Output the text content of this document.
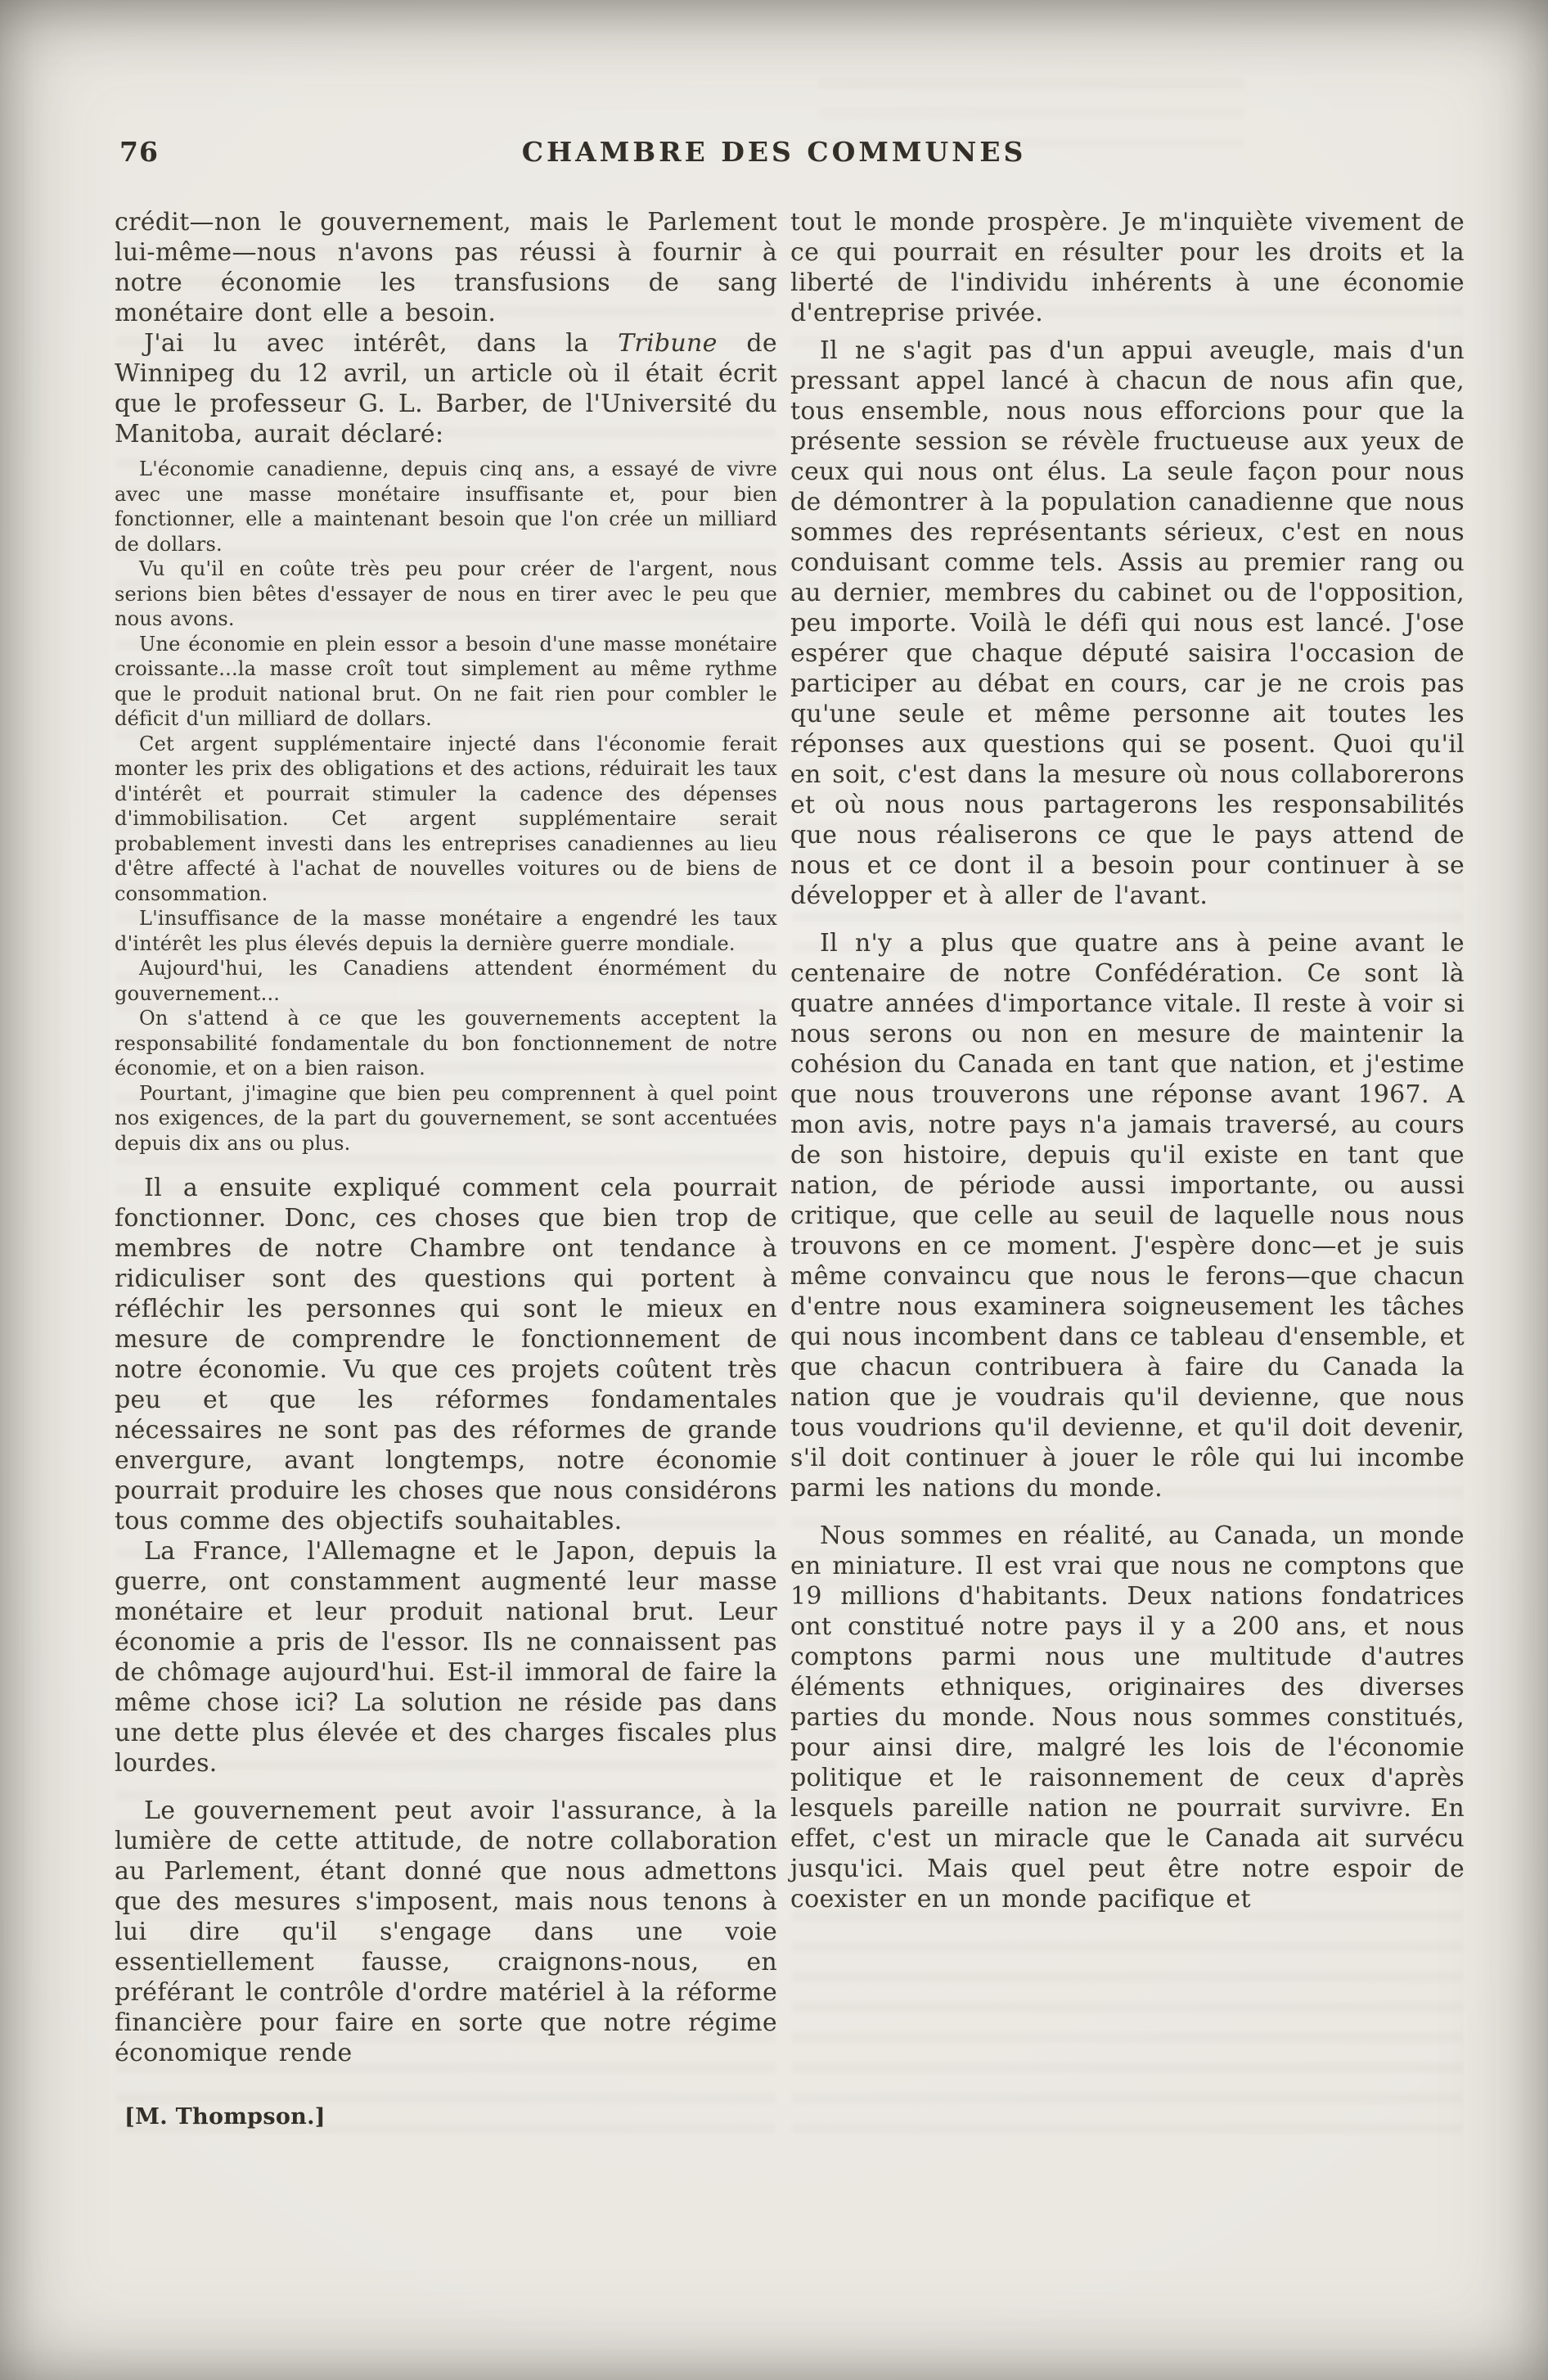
76	CHAMBRE DES COMMUNES

crédit—non le gouvernement, mais le Parlement lui-même—nous n'avons pas réussi à fournir à notre économie les transfusions de sang monétaire dont elle a besoin.

J'ai lu avec intérêt, dans la Tribune de Winnipeg du 12 avril, un article où il était écrit que le professeur G. L. Barber, de l'Université du Manitoba, aurait déclaré:

L'économie canadienne, depuis cinq ans, a essayé de vivre avec une masse monétaire insuffisante et, pour bien fonctionner, elle a maintenant besoin que l'on crée un milliard de dollars.

Vu qu'il en coûte très peu pour créer de l'argent, nous serions bien bêtes d'essayer de nous en tirer avec le peu que nous avons.

Une économie en plein essor a besoin d'une masse monétaire croissante...la masse croît tout simplement au même rythme que le produit national brut. On ne fait rien pour combler le déficit d'un milliard de dollars.

Cet argent supplémentaire injecté dans l'économie ferait monter les prix des obligations et des actions, réduirait les taux d'intérêt et pourrait stimuler la cadence des dépenses d'immobilisation. Cet argent supplémentaire serait probablement investi dans les entreprises canadiennes au lieu d'être affecté à l'achat de nouvelles voitures ou de biens de consommation.

L'insuffisance de la masse monétaire a engendré les taux d'intérêt les plus élevés depuis la dernière guerre mondiale.

Aujourd'hui, les Canadiens attendent énormément du gouvernement...

On s'attend à ce que les gouvernements acceptent la responsabilité fondamentale du bon fonctionnement de notre économie, et on a bien raison.

Pourtant, j'imagine que bien peu comprennent à quel point nos exigences, de la part du gouvernement, se sont accentuées depuis dix ans ou plus.

Il a ensuite expliqué comment cela pourrait fonctionner. Donc, ces choses que bien trop de membres de notre Chambre ont tendance à ridiculiser sont des questions qui portent à réfléchir les personnes qui sont le mieux en mesure de comprendre le fonctionnement de notre économie. Vu que ces projets coûtent très peu et que les réformes fondamentales nécessaires ne sont pas des réformes de grande envergure, avant longtemps, notre économie pourrait produire les choses que nous considérons tous comme des objectifs souhaitables.

La France, l'Allemagne et le Japon, depuis la guerre, ont constamment augmenté leur masse monétaire et leur produit national brut. Leur économie a pris de l'essor. Ils ne connaissent pas de chômage aujourd'hui. Est-il immoral de faire la même chose ici? La solution ne réside pas dans une dette plus élevée et des charges fiscales plus lourdes.

Le gouvernement peut avoir l'assurance, à la lumière de cette attitude, de notre collaboration au Parlement, étant donné que nous admettons que des mesures s'imposent, mais nous tenons à lui dire qu'il s'engage dans une voie essentiellement fausse, craignons-nous, en préférant le contrôle d'ordre matériel à la réforme financière pour faire en sorte que notre régime économique rende

[M. Thompson.]

tout le monde prospère. Je m'inquiète vivement de ce qui pourrait en résulter pour les droits et la liberté de l'individu inhérents à une économie d'entreprise privée.

Il ne s'agit pas d'un appui aveugle, mais d'un pressant appel lancé à chacun de nous afin que, tous ensemble, nous nous efforcions pour que la présente session se révèle fructueuse aux yeux de ceux qui nous ont élus. La seule façon pour nous de démontrer à la population canadienne que nous sommes des représentants sérieux, c'est en nous conduisant comme tels. Assis au premier rang ou au dernier, membres du cabinet ou de l'opposition, peu importe. Voilà le défi qui nous est lancé. J'ose espérer que chaque député saisira l'occasion de participer au débat en cours, car je ne crois pas qu'une seule et même personne ait toutes les réponses aux questions qui se posent. Quoi qu'il en soit, c'est dans la mesure où nous collaborerons et où nous nous partagerons les responsabilités que nous réaliserons ce que le pays attend de nous et ce dont il a besoin pour continuer à se développer et à aller de l'avant.

Il n'y a plus que quatre ans à peine avant le centenaire de notre Confédération. Ce sont là quatre années d'importance vitale. Il reste à voir si nous serons ou non en mesure de maintenir la cohésion du Canada en tant que nation, et j'estime que nous trouverons une réponse avant 1967. A mon avis, notre pays n'a jamais traversé, au cours de son histoire, depuis qu'il existe en tant que nation, de période aussi importante, ou aussi critique, que celle au seuil de laquelle nous nous trouvons en ce moment. J'espère donc—et je suis même convaincu que nous le ferons—que chacun d'entre nous examinera soigneusement les tâches qui nous incombent dans ce tableau d'ensemble, et que chacun contribuera à faire du Canada la nation que je voudrais qu'il devienne, que nous tous voudrions qu'il devienne, et qu'il doit devenir, s'il doit continuer à jouer le rôle qui lui incombe parmi les nations du monde.

Nous sommes en réalité, au Canada, un monde en miniature. Il est vrai que nous ne comptons que 19 millions d'habitants. Deux nations fondatrices ont constitué notre pays il y a 200 ans, et nous comptons parmi nous une multitude d'autres éléments ethniques, originaires des diverses parties du monde. Nous nous sommes constitués, pour ainsi dire, malgré les lois de l'économie politique et le raisonnement de ceux d'après lesquels pareille nation ne pourrait survivre. En effet, c'est un miracle que le Canada ait survécu jusqu'ici. Mais quel peut être notre espoir de coexister en un monde pacifique et
